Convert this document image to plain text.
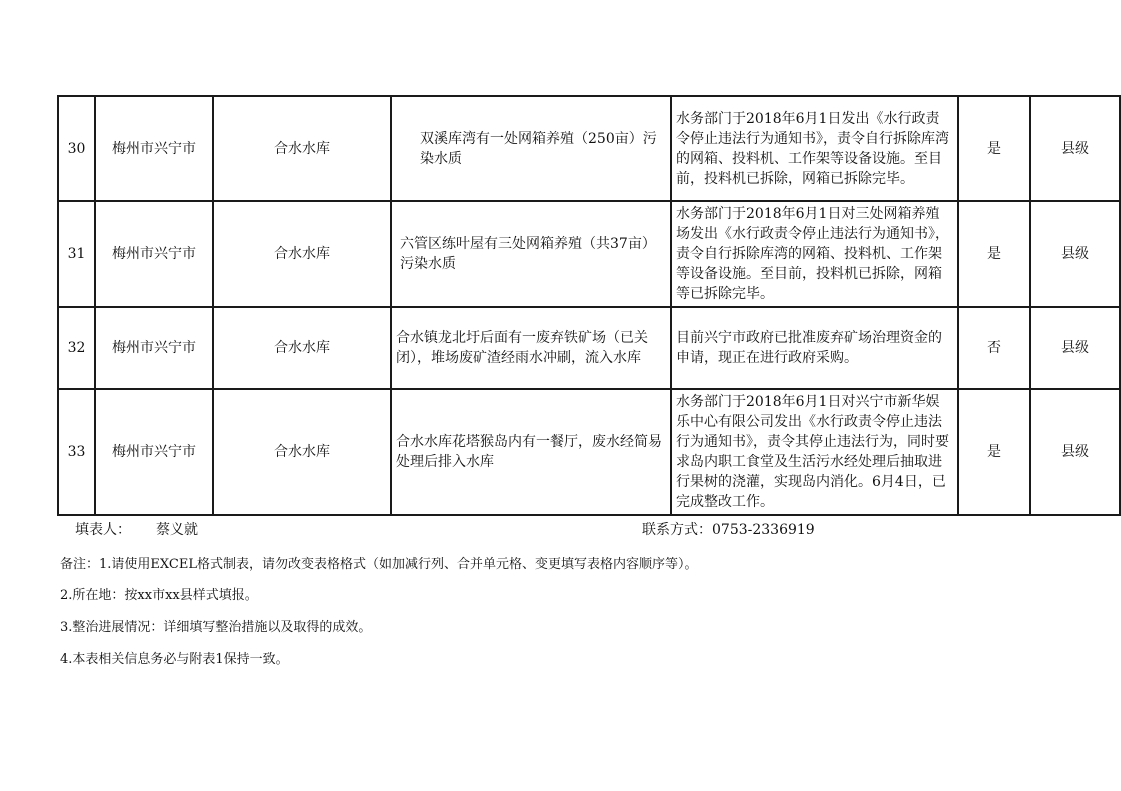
30	梅州市兴宁市	合水水库	双溪库湾有一处网箱养殖（250亩）污染水质	水务部门于2018年6月1日发出《水行政责令停止违法行为通知书》，责令自行拆除库湾的网箱、投料机、工作架等设备设施。至目前，投料机已拆除，网箱已拆除完毕。	是	县级
31	梅州市兴宁市	合水水库	六管区练叶屋有三处网箱养殖（共37亩）污染水质	水务部门于2018年6月1日对三处网箱养殖场发出《水行政责令停止违法行为通知书》，责令自行拆除库湾的网箱、投料机、工作架等设备设施。至目前，投料机已拆除，网箱等已拆除完毕。	是	县级
32	梅州市兴宁市	合水水库	合水镇龙北圩后面有一废弃铁矿场（已关闭），堆场废矿渣经雨水冲刷，流入水库	目前兴宁市政府已批准废弃矿场治理资金的申请，现正在进行政府采购。	否	县级
33	梅州市兴宁市	合水水库	合水水库花塔猴岛内有一餐厅，废水经简易处理后排入水库	水务部门于2018年6月1日对兴宁市新华娱乐中心有限公司发出《水行政责令停止违法行为通知书》，责令其停止违法行为，同时要求岛内职工食堂及生活污水经处理后抽取进行果树的浇灌，实现岛内消化。6月4日，已完成整改工作。	是	县级
填表人： 蔡义就	联系方式：0753-2336919
备注：1.请使用EXCEL格式制表，请勿改变表格格式（如加减行列、合并单元格、变更填写表格内容顺序等）。
2.所在地：按xx市xx县样式填报。
3.整治进展情况：详细填写整治措施以及取得的成效。
4.本表相关信息务必与附表1保持一致。
